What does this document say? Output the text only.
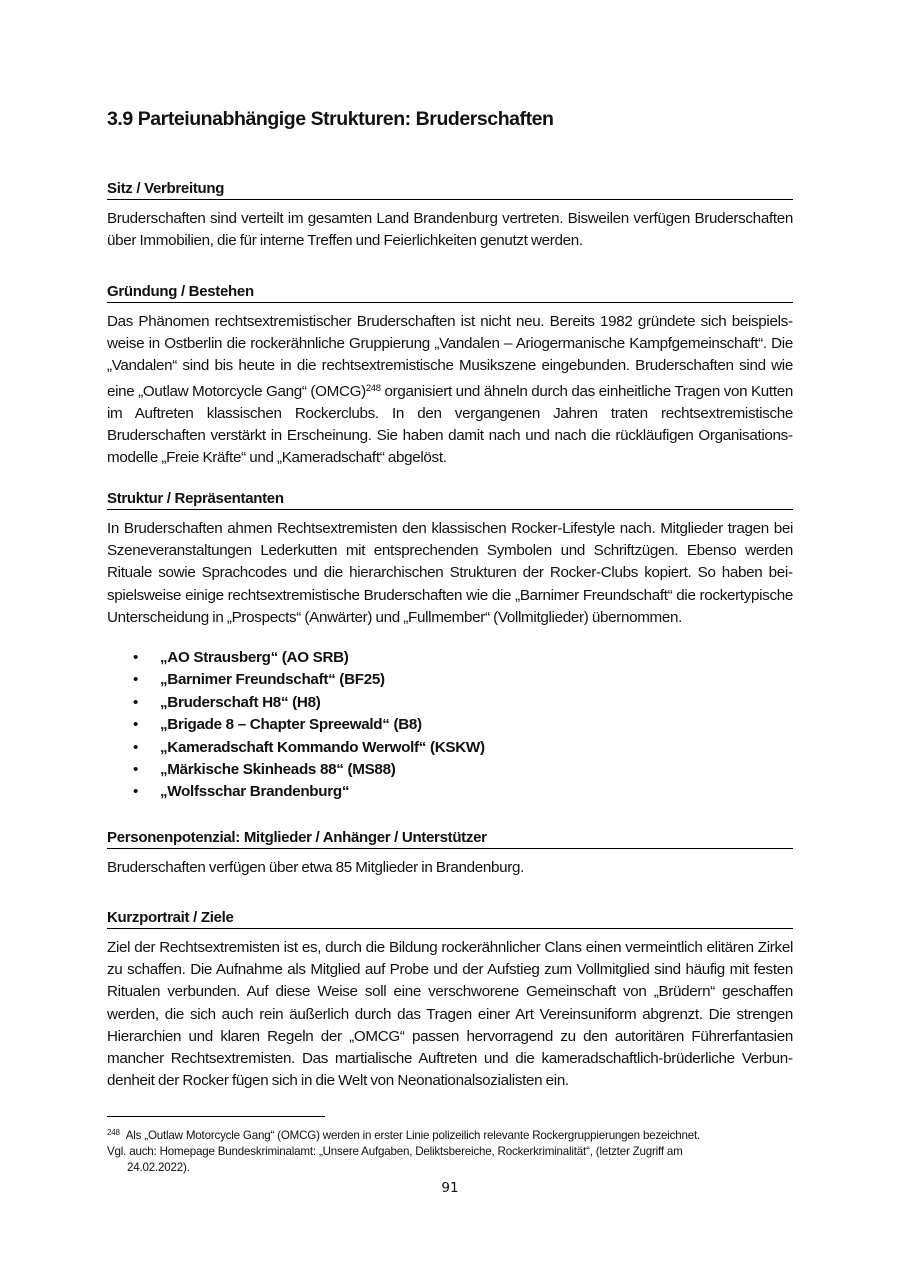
3.9 Parteiunabhängige Strukturen: Bruderschaften
Sitz / Verbreitung

Bruderschaften sind verteilt im gesamten Land Brandenburg vertreten. Bisweilen verfügen Bruderschaften über Immobilien, die für interne Treffen und Feierlichkeiten genutzt werden.

Gründung / Bestehen

Das Phänomen rechtsextremistischer Bruderschaften ist nicht neu. Bereits 1982 gründete sich beispielsweise in Ostberlin die rockerähnliche Gruppierung „Vandalen – Ariogermanische Kampfgemeinschaft“. Die „Vandalen“ sind bis heute in die rechtsextremistische Musikszene eingebunden. Bruderschaften sind wie eine „Outlaw Motorcycle Gang“ (OMCG)$^{248}$ organisiert und ähneln durch das einheitliche Tragen von Kutten im Auftreten klassischen Rockerclubs. In den vergangenen Jahren traten rechtsextremistische Bruderschaften verstärkt in Erscheinung. Sie haben damit nach und nach die rückläufigen Organisationsmodelle „Freie Kräfte“ und „Kameradschaft“ abgelöst.

Struktur / Repräsentanten

In Bruderschaften ahmen Rechtsextremisten den klassischen Rocker-Lifestyle nach. Mitglieder tragen bei Szeneveranstaltungen Lederkutten mit entsprechenden Symbolen und Schriftzügen. Ebenso werden Rituale sowie Sprachcodes und die hierarchischen Strukturen der Rocker-Clubs kopiert. So haben beispielsweise einige rechtsextremistische Bruderschaften wie die „Barnimer Freundschaft“ die rockertypische Unterscheidung in „Prospects“ (Anwärter) und „Fullmember“ (Vollmitglieder) übernommen.

• „AO Strausberg“ (AO SRB)
• „Barnimer Freundschaft“ (BF25)
• „Bruderschaft H8“ (H8)
• „Brigade 8 – Chapter Spreewald“ (B8)
• „Kameradschaft Kommando Werwolf“ (KSKW)
• „Märkische Skinheads 88“ (MS88)
• „Wolfsschar Brandenburg“
Personenpotenzial: Mitglieder / Anhänger / Unterstützer

Bruderschaften verfügen über etwa 85 Mitglieder in Brandenburg.

Kurzportrait / Ziele

Ziel der Rechtsextremisten ist es, durch die Bildung rockerähnlicher Clans einen vermeintlich elitären Zirkel zu schaffen. Die Aufnahme als Mitglied auf Probe und der Aufstieg zum Vollmitglied sind häufig mit festen Ritualen verbunden. Auf diese Weise soll eine verschworene Gemeinschaft von „Brüdern“ geschaffen werden, die sich auch rein äußerlich durch das Tragen einer Art Vereinsuniform abgrenzt. Die strengen Hierarchien und klaren Regeln der „OMCG“ passen hervorragend zu den autoritären Führerfantasien mancher Rechtsextremisten. Das martialische Auftreten und die kameradschaftlich-brüderliche Verbundenheit der Rocker fügen sich in die Welt von Neonationalsozialisten ein.

$^{248}$ Als „Outlaw Motorcycle Gang“ (OMCG) werden in erster Linie polizeilich relevante Rockergruppierungen bezeichnet.
Vgl. auch: Homepage Bundeskriminalamt: „Unsere Aufgaben, Deliktsbereiche, Rockerkriminalität“, (letzter Zugriff am
24.02.2022).
91
